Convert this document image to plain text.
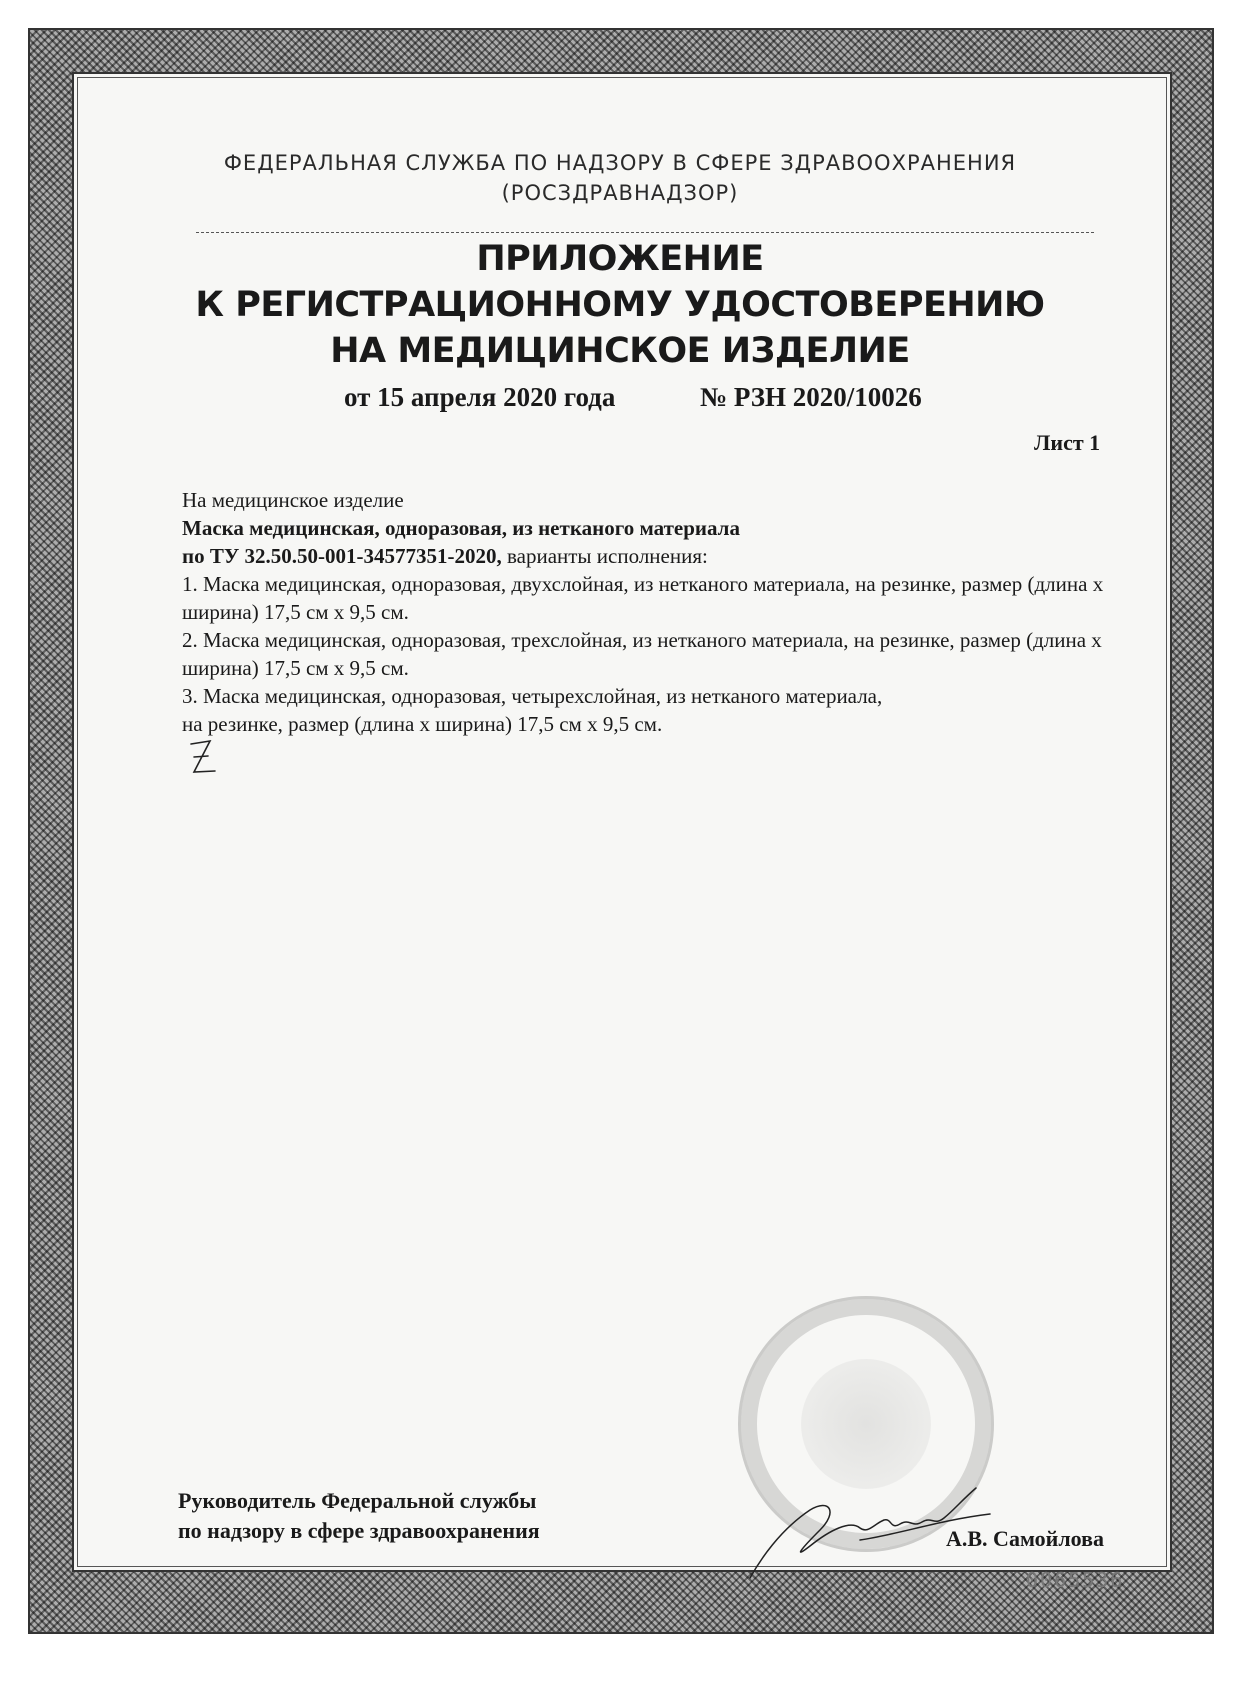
ФЕДЕРАЛЬНАЯ СЛУЖБА ПО НАДЗОРУ В СФЕРЕ ЗДРАВООХРАНЕНИЯ
(РОСЗДРАВНАДЗОР)
ПРИЛОЖЕНИЕ
К РЕГИСТРАЦИОННОМУ УДОСТОВЕРЕНИЮ
НА МЕДИЦИНСКОЕ ИЗДЕЛИЕ
от 15 апреля 2020 года	№ РЗН 2020/10026
Лист 1

На медицинское изделие

Маска медицинская, одноразовая, из нетканого материала

по ТУ 32.50.50-001-34577351-2020, варианты исполнения:

1. Маска медицинская, одноразовая, двухслойная, из нетканого материала, на резинке, размер (длина х ширина) 17,5 см х 9,5 см.

2. Маска медицинская, одноразовая, трехслойная, из нетканого материала, на резинке, размер (длина х ширина) 17,5 см х 9,5 см.

3. Маска медицинская, одноразовая, четырехслойная, из нетканого материала,

на резинке, размер (длина х ширина) 17,5 см х 9,5 см.

Руководитель Федеральной службы
по надзору в сфере здравоохранения	А.В. Самойлова
0065536
